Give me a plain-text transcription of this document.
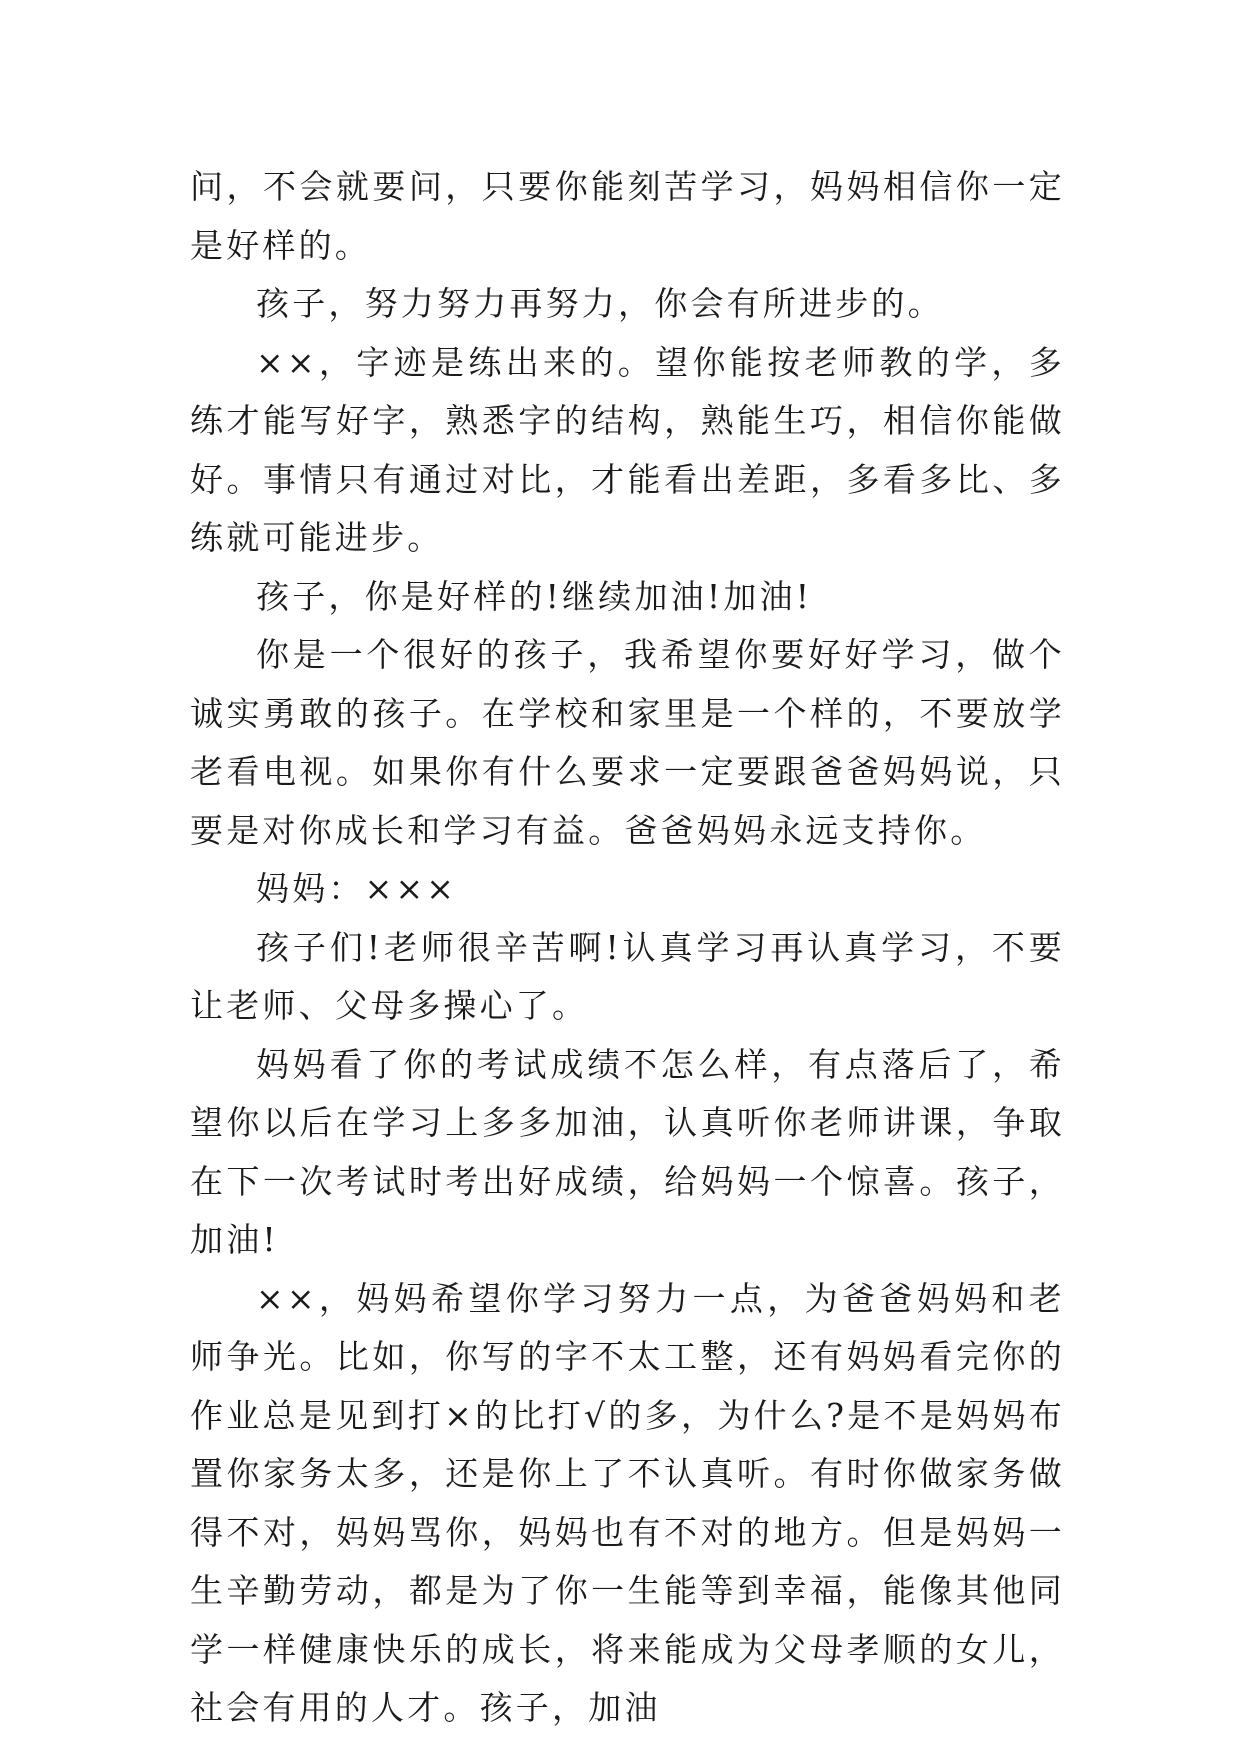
问，不会就要问，只要你能刻苦学习，妈妈相信你一定是好样的。

孩子，努力努力再努力，你会有所进步的。

××，字迹是练出来的。望你能按老师教的学，多练才能写好字，熟悉字的结构，熟能生巧，相信你能做好。事情只有通过对比，才能看出差距，多看多比、多练就可能进步。

孩子，你是好样的!继续加油!加油!

你是一个很好的孩子，我希望你要好好学习，做个诚实勇敢的孩子。在学校和家里是一个样的，不要放学老看电视。如果你有什么要求一定要跟爸爸妈妈说，只要是对你成长和学习有益。爸爸妈妈永远支持你。

妈妈：×××

孩子们!老师很辛苦啊!认真学习再认真学习，不要让老师、父母多操心了。

妈妈看了你的考试成绩不怎么样，有点落后了，希望你以后在学习上多多加油，认真听你老师讲课，争取在下一次考试时考出好成绩，给妈妈一个惊喜。孩子，加油!

××，妈妈希望你学习努力一点，为爸爸妈妈和老师争光。比如，你写的字不太工整，还有妈妈看完你的作业总是见到打×的比打√的多，为什么?是不是妈妈布置你家务太多，还是你上了不认真听。有时你做家务做得不对，妈妈骂你，妈妈也有不对的地方。但是妈妈一生辛勤劳动，都是为了你一生能等到幸福，能像其他同学一样健康快乐的成长，将来能成为父母孝顺的女儿，社会有用的人才。孩子，加油
